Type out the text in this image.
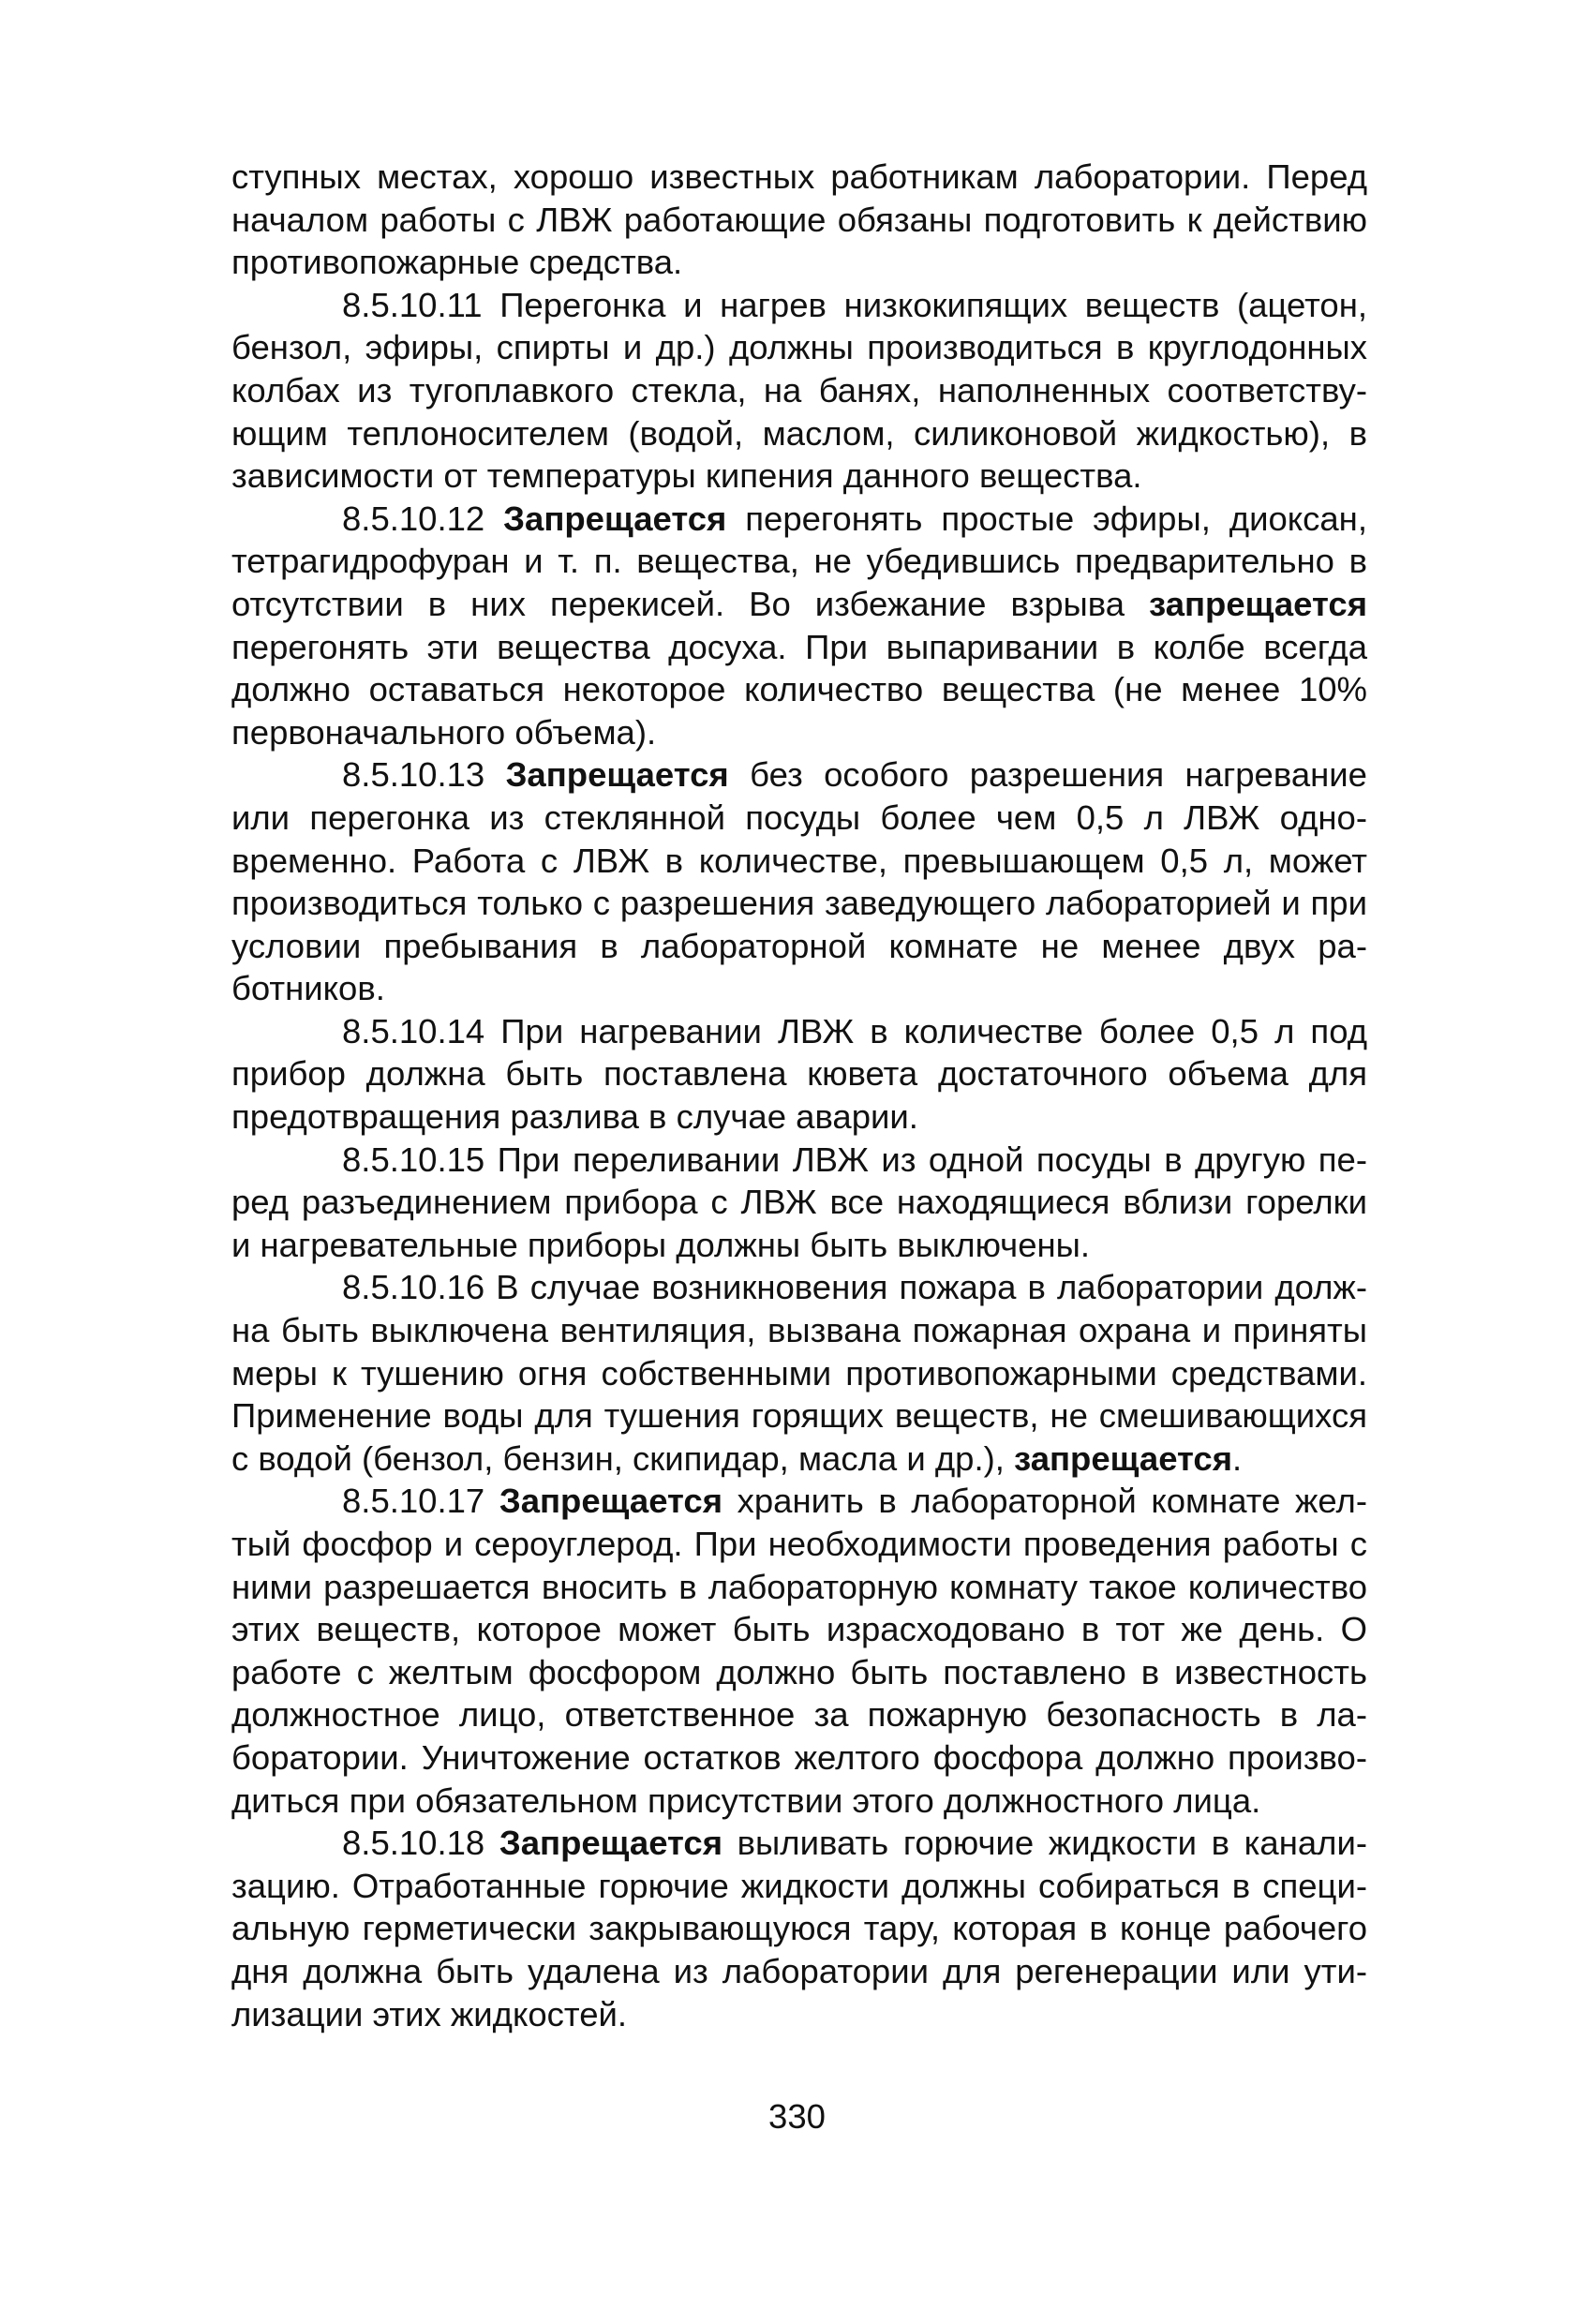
ступных местах, хорошо известных работникам лаборатории. Перед началом работы с ЛВЖ работающие обязаны подготовить к действию противопожарные средства.

8.5.10.11 Перегонка и нагрев низкокипящих веществ (ацетон, бензол, эфиры, спирты и др.) должны производиться в круглодонных колбах из тугоплавкого стекла, на банях, наполненных соответствующим теплоносителем (водой, маслом, силиконовой жидкостью), в зависимости от температуры кипения данного вещества.

8.5.10.12 Запрещается перегонять простые эфиры, диоксан, тетрагидрофуран и т. п. вещества, не убедившись предварительно в отсутствии в них перекисей. Во избежание взрыва запрещается перегонять эти вещества досуха. При выпаривании в колбе всегда должно оставаться некоторое количество вещества (не менее 10% первоначального объема).

8.5.10.13 Запрещается без особого разрешения нагревание или перегонка из стеклянной посуды более чем 0,5 л ЛВЖ одновременно. Работа с ЛВЖ в количестве, превышающем 0,5 л, может производиться только с разрешения заведующего лабораторией и при условии пребывания в лабораторной комнате не менее двух работников.

8.5.10.14 При нагревании ЛВЖ в количестве более 0,5 л под прибор должна быть поставлена кювета достаточного объема для предотвращения разлива в случае аварии.

8.5.10.15 При переливании ЛВЖ из одной посуды в другую перед разъединением прибора с ЛВЖ все находящиеся вблизи горелки и нагревательные приборы должны быть выключены.

8.5.10.16 В случае возникновения пожара в лаборатории должна быть выключена вентиляция, вызвана пожарная охрана и приняты меры к тушению огня собственными противопожарными средствами. Применение воды для тушения горящих веществ, не смешивающихся с водой (бензол, бензин, скипидар, масла и др.), запрещается.

8.5.10.17 Запрещается хранить в лабораторной комнате желтый фосфор и сероуглерод. При необходимости проведения работы с ними разрешается вносить в лабораторную комнату такое количество этих веществ, которое может быть израсходовано в тот же день. О работе с желтым фосфором должно быть поставлено в известность должностное лицо, ответственное за пожарную безопасность в лаборатории. Уничтожение остатков желтого фосфора должно производиться при обязательном присутствии этого должностного лица.

8.5.10.18 Запрещается выливать горючие жидкости в канализацию. Отработанные горючие жидкости должны собираться в специальную герметически закрывающуюся тару, которая в конце рабочего дня должна быть удалена из лаборатории для регенерации или утилизации этих жидкостей.

330
